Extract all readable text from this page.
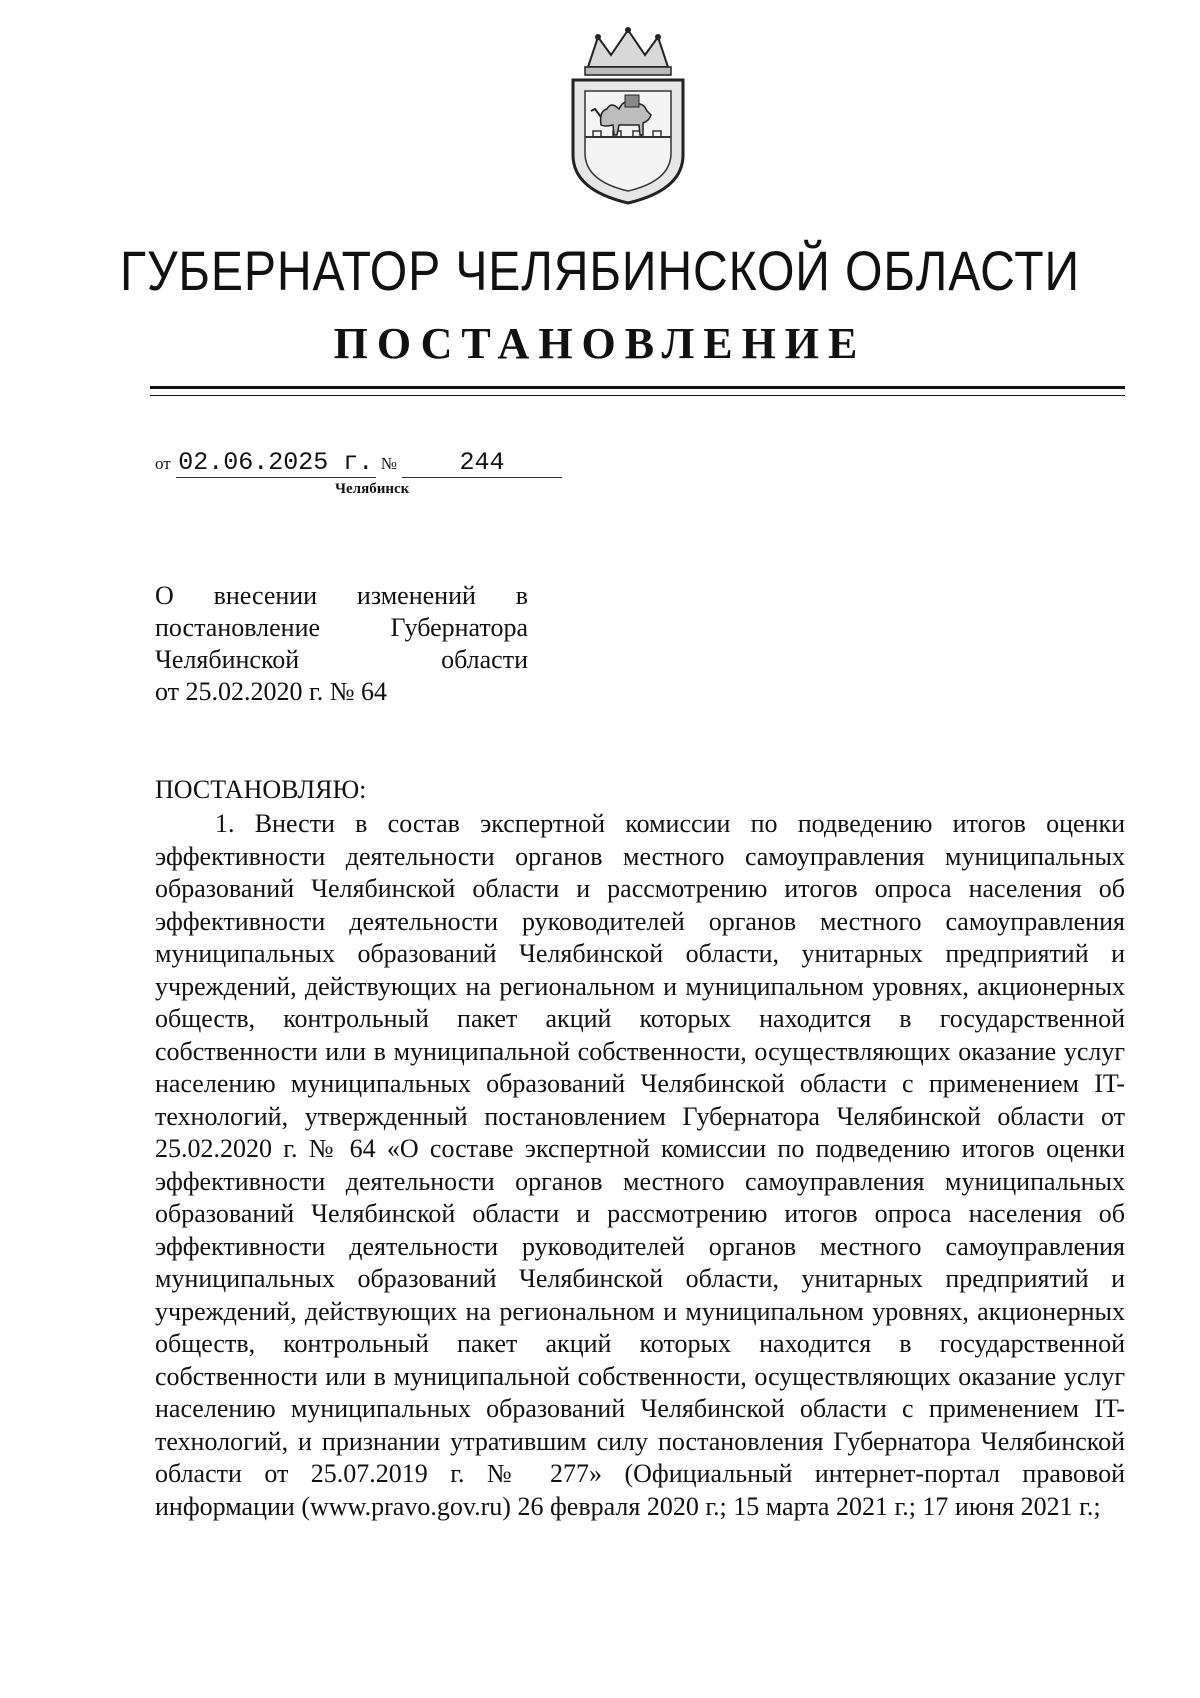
ГУБЕРНАТОР ЧЕЛЯБИНСКОЙ ОБЛАСТИ
ПОСТАНОВЛЕНИЕ
от 02.06.2025 г. № 244
Челябинск
О внесении изменений в
постановление Губернатора
Челябинской области
от 25.02.2020 г. № 64
ПОСТАНОВЛЯЮ:

1. Внести в состав экспертной комиссии по подведению итогов оценки эффективности деятельности органов местного самоуправления муниципальных образований Челябинской области и рассмотрению итогов опроса населения об эффективности деятельности руководителей органов местного самоуправления муниципальных образований Челябинской области, унитарных предприятий и учреждений, действующих на региональном и муниципальном уровнях, акционерных обществ, контрольный пакет акций которых находится в государственной собственности или в муниципальной собственности, осуществляющих оказание услуг населению муниципальных образований Челябинской области с применением IT-технологий, утвержденный постановлением Губернатора Челябинской области от 25.02.2020 г. № 64 «О составе экспертной комиссии по подведению итогов оценки эффективности деятельности органов местного самоуправления муниципальных образований Челябинской области и рассмотрению итогов опроса населения об эффективности деятельности руководителей органов местного самоуправления муниципальных образований Челябинской области, унитарных предприятий и учреждений, действующих на региональном и муниципальном уровнях, акционерных обществ, контрольный пакет акций которых находится в государственной собственности или в муниципальной собственности, осуществляющих оказание услуг населению муниципальных образований Челябинской области с применением IT-технологий, и признании утратившим силу постановления Губернатора Челябинской области от 25.07.2019 г. № 277» (Официальный интернет-портал правовой информации (www.pravo.gov.ru) 26 февраля 2020 г.; 15 марта 2021 г.; 17 июня 2021 г.;
